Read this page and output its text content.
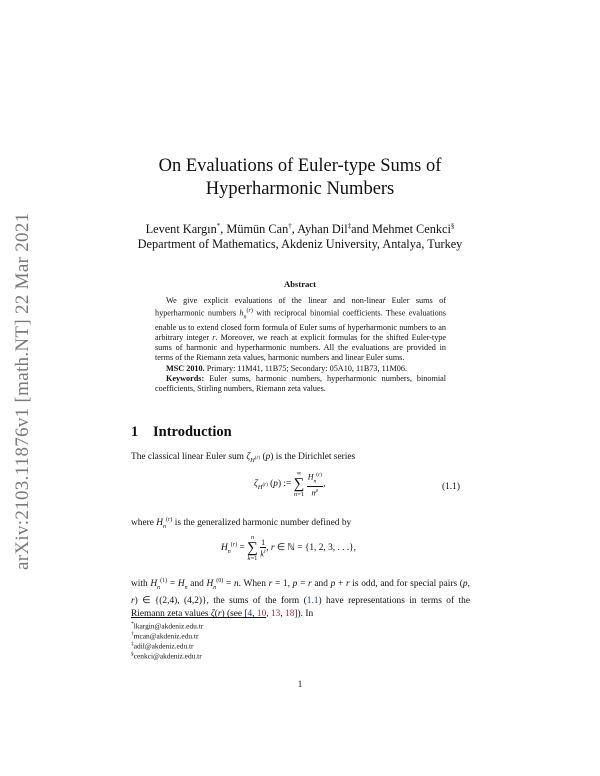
arXiv:2103.11876v1 [math.NT] 22 Mar 2021
On Evaluations of Euler-type Sums of
Hyperharmonic Numbers
Levent Kargın*, Mümün Can†, Ayhan Dil‡and Mehmet Cenkci§
Department of Mathematics, Akdeniz University, Antalya, Turkey
Abstract

We give explicit evaluations of the linear and non-linear Euler sums of hyperharmonic numbers $h_n^{(r)}$ with reciprocal binomial coefficients. These evaluations enable us to extend closed form formula of Euler sums of hyperharmonic numbers to an arbitrary integer r. Moreover, we reach at explicit formulas for the shifted Euler-type sums of harmonic and hyperharmonic numbers. All the evaluations are provided in terms of the Riemann zeta values, harmonic numbers and linear Euler sums.

MSC 2010. Primary: 11M41, 11B75; Secondary: 05A10, 11B73, 11M06.

Keywords: Euler sums, harmonic numbers, hyperharmonic numbers, binomial coefficients, Stirling numbers, Riemann zeta values.

1 Introduction
The classical linear Euler sum $\zeta_{H^{(r)}}$ (p) is the Dirichlet series
$\zeta_{H^{(r)}}$ (p) := ∞
∑
$n=1 \frac{H_n^{(r)}}{n^p}$ ,	(1.1)
where $H_n^{(r)}$ is the generalized harmonic number defined by
$H_n^{(r)} = n$
∑
k=1
$\frac{1}{k^r}$ , r ∈ ℕ = {1, 2, 3, . . .},
with $H_n^{(1)} = H_n$ and $H_n^{(0)} = n$. When r = 1, p = r and p + r is odd, and for special pairs (p, r) ∈ {(2,4), (4,2)}, the sums of the form (1.1) have representations in terms of the Riemann zeta values ζ(r) (see [4, 10, 13, 18]). In
*lkargin@akdeniz.edu.tr
†mcan@akdeniz.edu.tr
‡adil@akdeniz.edu.tr
§cenkci@akdeniz.edu.tr
1
